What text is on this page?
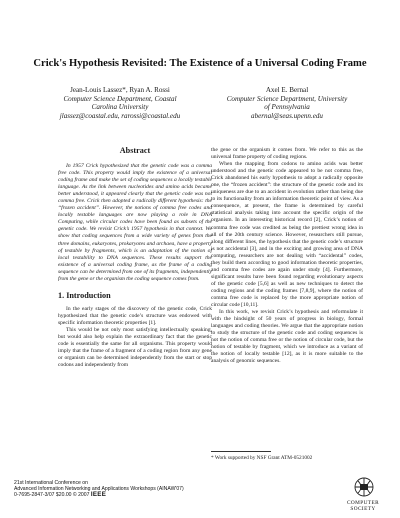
Crick's Hypothesis Revisited: The Existence of a Universal Coding Frame
Jean-Louis Lassez*, Ryan A. Rossi
Computer Science Department, Coastal
Carolina University
jlassez@coastal.edu, rarossi@coastal.edu
Axel E. Bernal
Computer Science Department, University
of Pennsylvania
abernal@seas.upenn.edu
Abstract

In 1957 Crick hypothesized that the genetic code was a comma free code. This property would imply the existence of a universal coding frame and make the set of coding sequences a locally testable language. As the link between nucleotides and amino acids became better understood, it appeared clearly that the genetic code was not comma free. Crick then adopted a radically different hypothesis: the “frozen accident”. However, the notions of comma free codes and locally testable languages are now playing a role in DNA Computing, while circular codes have been found as subsets of the genetic code. We revisit Crick’s 1957 hypothesis in that context. We show that coding sequences from a wide variety of genes from the three domains, eukaryotes, prokaryotes and archaea, have a property of testable by fragments, which is an adaptation of the notion of local testability to DNA sequences. These results support the existence of a universal coding frame, as the frame of a coding sequence can be determined from one of its fragments, independently from the gene or the organism the coding sequence comes from.

1. Introduction

In the early stages of the discovery of the genetic code, Crick hypothesized that the genetic code’s structure was endowed with specific information theoretic properties [1].

This would be not only most satisfying intellectually speaking, but would also help explain the extraordinary fact that the genetic code is essentially the same for all organisms. This property would imply that the frame of a fragment of a coding region from any gene or organism can be determined independently from the start or stop codons and independently from

the gene or the organism it comes from. We refer to this as the universal frame property of coding regions.

When the mapping from codons to amino acids was better understood and the genetic code appeared to be not comma free, Crick abandoned his early hypothesis to adopt a radically opposite one, the “frozen accident”: the structure of the genetic code and its uniqueness are due to an accident in evolution rather than being due to its functionality from an information theoretic point of view. As a consequence, at present, the frame is determined by careful statistical analysis taking into account the specific origin of the organism. In an interesting historical record [2], Crick’s notion of comma free code was credited as being the prettiest wrong idea in all of the 20th century science. However, researchers still pursue, along different lines, the hypothesis that the genetic code’s structure is not accidental [3], and in the exciting and growing area of DNA computing, researchers are not dealing with “accidental” codes, they build them according to good information theoretic properties, and comma free codes are again under study [4]. Furthermore, significant results have been found regarding evolutionary aspects of the genetic code [5,6] as well as new techniques to detect the coding regions and the coding frames [7,8,9], where the notion of comma free code is replaced by the more appropriate notion of circular code [10,11].

In this work, we revisit Crick’s hypothesis and reformulate it with the hindsight of 50 years of progress in biology, formal languages and coding theories. We argue that the appropriate notion to study the structure of the genetic code and coding sequences is not the notion of comma free or the notion of circular code, but the notion of testable by fragment, which we introduce as a variant of the notion of locally testable [12], as it is more suitable to the analysis of genomic sequences.

* Work supported by NSF Grant ATM-0521002
21st International Conference on
Advanced Information Networking and Applications Workshops (AINAW'07)
0-7695-2847-3/07 $20.00 © 2007 IEEE
COMPUTER
SOCIETY
